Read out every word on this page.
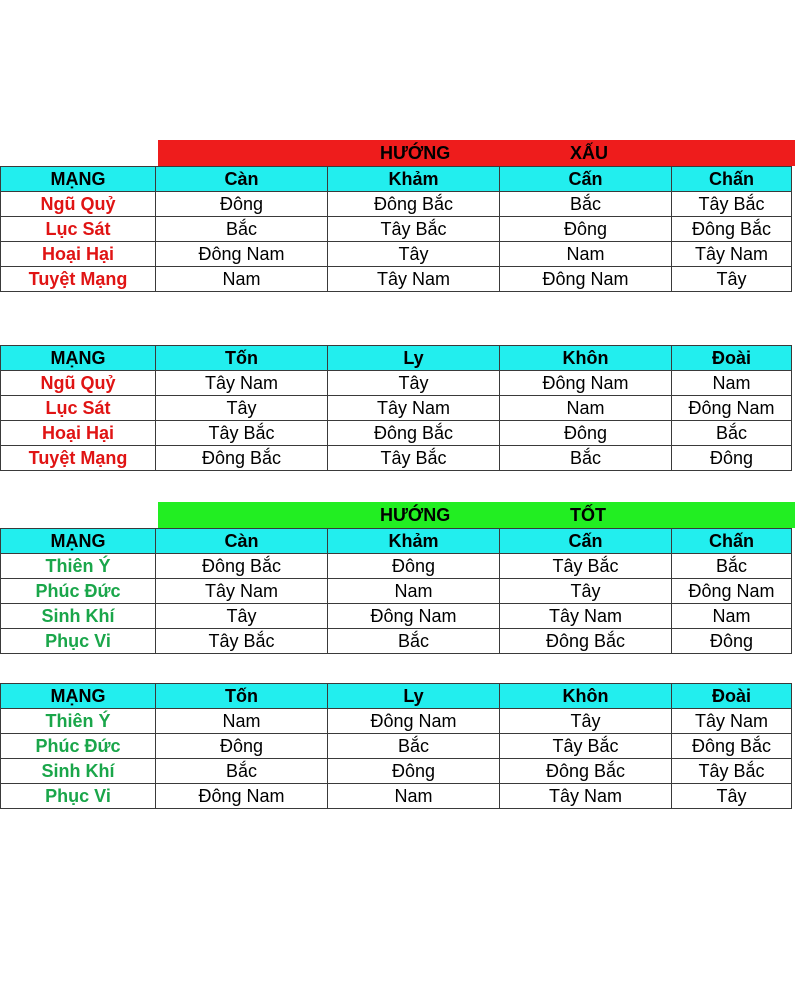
HƯỚNG	XẤU
MẠNG	Càn	Khảm	Cấn	Chấn
Ngũ Quỷ	Đông	Đông Bắc	Bắc	Tây Bắc
Lục Sát	Bắc	Tây Bắc	Đông	Đông Bắc
Hoại Hại	Đông Nam	Tây	Nam	Tây Nam
Tuyệt Mạng	Nam	Tây Nam	Đông Nam	Tây
MẠNG	Tốn	Ly	Khôn	Đoài
Ngũ Quỷ	Tây Nam	Tây	Đông Nam	Nam
Lục Sát	Tây	Tây Nam	Nam	Đông Nam
Hoại Hại	Tây Bắc	Đông Bắc	Đông	Bắc
Tuyệt Mạng	Đông Bắc	Tây Bắc	Bắc	Đông
HƯỚNG	TỐT
MẠNG	Càn	Khảm	Cấn	Chấn
Thiên Ý	Đông Bắc	Đông	Tây Bắc	Bắc
Phúc Đức	Tây Nam	Nam	Tây	Đông Nam
Sinh Khí	Tây	Đông Nam	Tây Nam	Nam
Phục Vi	Tây Bắc	Bắc	Đông Bắc	Đông
MẠNG	Tốn	Ly	Khôn	Đoài
Thiên Ý	Nam	Đông Nam	Tây	Tây Nam
Phúc Đức	Đông	Bắc	Tây Bắc	Đông Bắc
Sinh Khí	Bắc	Đông	Đông Bắc	Tây Bắc
Phục Vi	Đông Nam	Nam	Tây Nam	Tây
